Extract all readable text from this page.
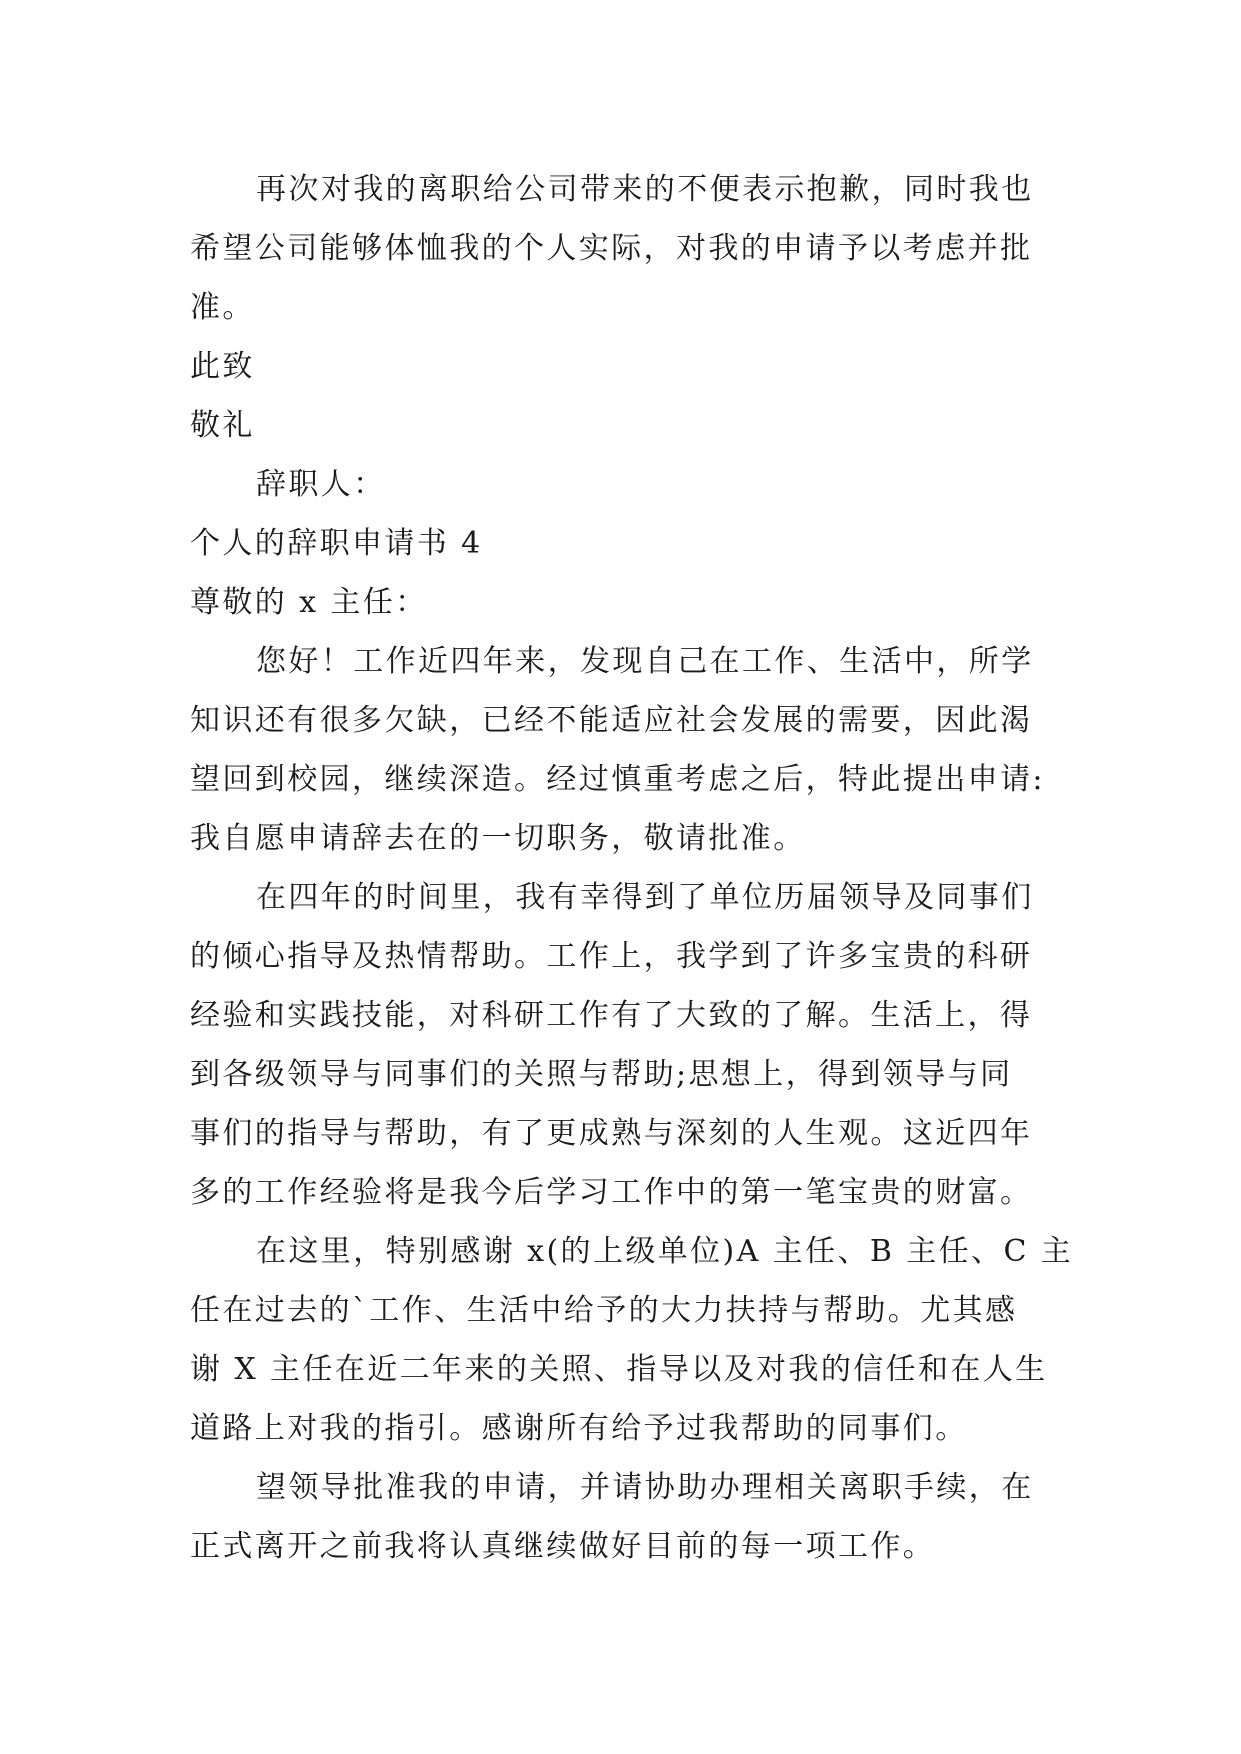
再次对我的离职给公司带来的不便表示抱歉，同时我也
希望公司能够体恤我的个人实际，对我的申请予以考虑并批
准。
此致
敬礼
辞职人：
个人的辞职申请书 4
尊敬的 x 主任：
您好！工作近四年来，发现自己在工作、生活中，所学
知识还有很多欠缺，已经不能适应社会发展的需要，因此渴
望回到校园，继续深造。经过慎重考虑之后，特此提出申请:
我自愿申请辞去在的一切职务，敬请批准。
在四年的时间里，我有幸得到了单位历届领导及同事们
的倾心指导及热情帮助。工作上，我学到了许多宝贵的科研
经验和实践技能，对科研工作有了大致的了解。生活上，得
到各级领导与同事们的关照与帮助;思想上，得到领导与同
事们的指导与帮助，有了更成熟与深刻的人生观。这近四年
多的工作经验将是我今后学习工作中的第一笔宝贵的财富。
在这里，特别感谢 x(的上级单位)A 主任、B 主任、C 主
任在过去的`工作、生活中给予的大力扶持与帮助。尤其感
谢 X 主任在近二年来的关照、指导以及对我的信任和在人生
道路上对我的指引。感谢所有给予过我帮助的同事们。
望领导批准我的申请，并请协助办理相关离职手续，在
正式离开之前我将认真继续做好目前的每一项工作。
